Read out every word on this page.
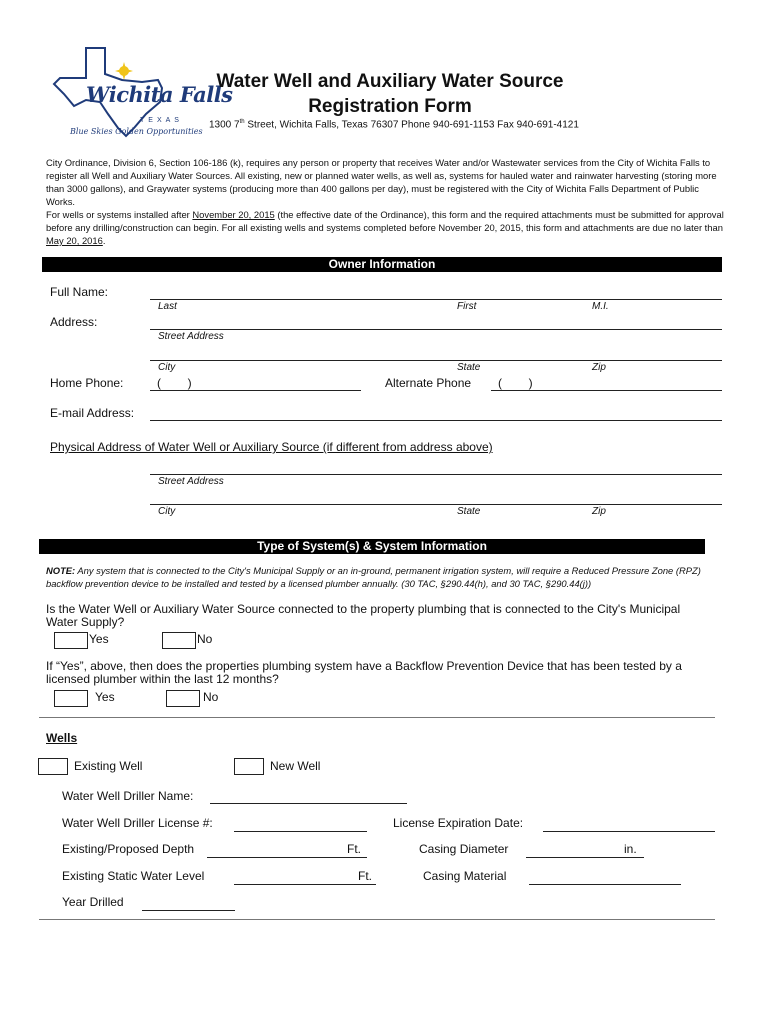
Wichita Falls
TEXAS
Blue Skies Golden Opportunities
Water Well and Auxiliary Water Source
Registration Form
1300 7th Street, Wichita Falls, Texas 76307 Phone 940-691-1153 Fax 940-691-4121
City Ordinance, Division 6, Section 106-186 (k), requires any person or property that receives Water and/or Wastewater services from the City of Wichita Falls to register all Well and Auxiliary Water Sources. All existing, new or planned water wells, as well as, systems for hauled water and rainwater harvesting (storing more than 3000 gallons), and Graywater systems (producing more than 400 gallons per day), must be registered with the City of Wichita Falls Department of Public Works.
For wells or systems installed after November 20, 2015 (the effective date of the Ordinance), this form and the required attachments must be submitted for approval before any drilling/construction can begin. For all existing wells and systems completed before November 20, 2015, this form and attachments are due no later than May 20, 2016.
Owner Information
Full Name:
Last	First	M.I.
Address:
Street Address
City	State	Zip
Home Phone:	(        )	Alternate Phone (        )
E-mail Address:
Physical Address of Water Well or Auxiliary Source (if different from address above)
Street Address
City	State	Zip
Type of System(s) & System Information
NOTE: Any system that is connected to the City's Municipal Supply or an in-ground, permanent irrigation system, will require a Reduced Pressure Zone (RPZ) backflow prevention device to be installed and tested by a licensed plumber annually. (30 TAC, §290.44(h), and 30 TAC, §290.44(j))
Is the Water Well or Auxiliary Water Source connected to the property plumbing that is connected to the City's Municipal Water Supply?
Yes	No
If “Yes”, above, then does the properties plumbing system have a Backflow Prevention Device that has been tested by a licensed plumber within the last 12 months?
Yes	No
Wells
Existing Well	New Well
Water Well Driller Name:
Water Well Driller License #:	License Expiration Date:
Existing/Proposed Depth	Ft.	Casing Diameter	in.
Existing Static Water Level	Ft.	Casing Material
Year Drilled
